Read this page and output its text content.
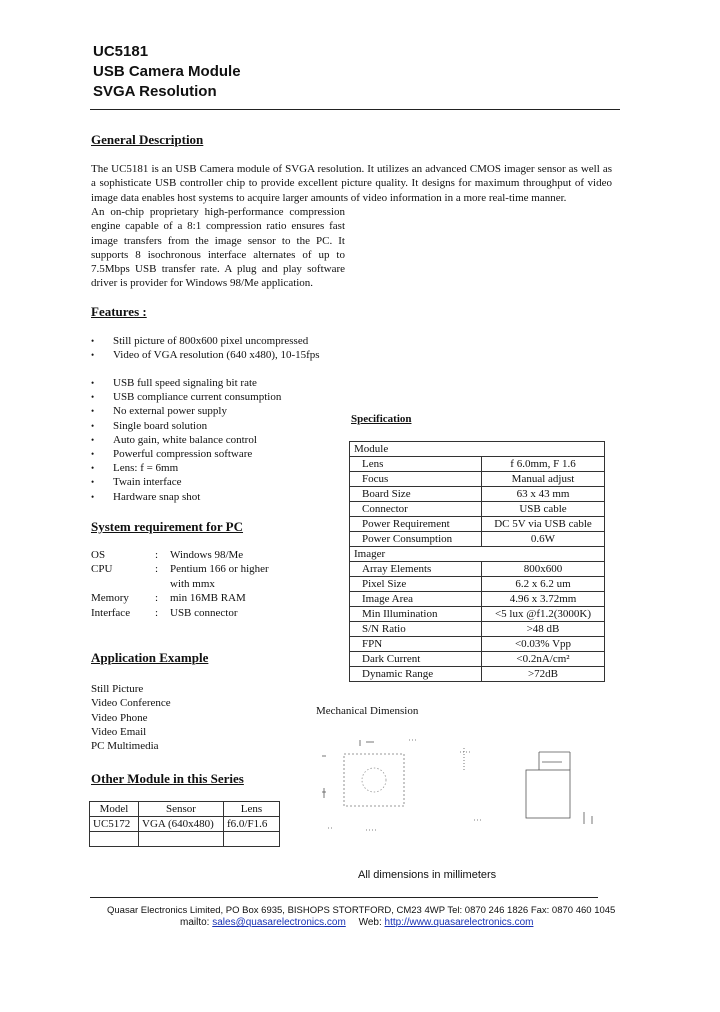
UC5181
USB Camera Module
SVGA Resolution
General Description
The UC5181 is an USB Camera module of SVGA resolution. It utilizes an advanced CMOS imager sensor as well as a sophisticate USB controller chip to provide excellent picture quality. It designs for maximum throughput of video image data enables host systems to acquire larger amounts of video information in a more real-time manner.
An on-chip proprietary high-performance compression engine capable of a 8:1 compression ratio ensures fast image transfers from the image sensor to the PC. It supports 8 isochronous interface alternates of up to 7.5Mbps USB transfer rate. A plug and play software driver is provider for Windows 98/Me application.
Features :
• Still picture of 800x600 pixel uncompressed
• Video of VGA resolution (640 x480), 10-15fps
• USB full speed signaling bit rate
• USB compliance current consumption
• No external power supply
• Single board solution
• Auto gain, white balance control
• Powerful compression software
• Lens: f = 6mm
• Twain interface
• Hardware snap shot
System requirement for PC
OS	: Windows 98/Me
CPU	: Pentium 166 or higher
with mmx
Memory : min 16MB RAM
Interface : USB connector
Application Example
Still Picture
Video Conference
Video Phone
Video Email
PC Multimedia
Other Module in this Series
Model	Sensor	Lens
UC5172	VGA (640x480)	f6.0/F1.6

Specification
Module	
Lens	f 6.0mm, F 1.6
Focus	Manual adjust
Board Size	63 x 43 mm
Connector	USB cable
Power Requirement	DC 5V via USB cable
Power Consumption	0.6W
Imager	
Array Elements	800x600
Pixel Size	6.2 x 6.2 um
Image Area	4.96 x 3.72mm
Min Illumination	<5 lux @f1.2(3000K)
S/N Ratio	>48 dB
FPN	<0.03% Vpp
Dark Current	<0.2nA/cm²
Dynamic Range	>72dB
Mechanical Dimension
All dimensions in millimeters
Quasar Electronics Limited, PO Box 6935, BISHOPS STORTFORD, CM23 4WP Tel: 0870 246 1826 Fax: 0870 460 1045
mailto: sales@quasarelectronics.com Web: http://www.quasarelectronics.com
